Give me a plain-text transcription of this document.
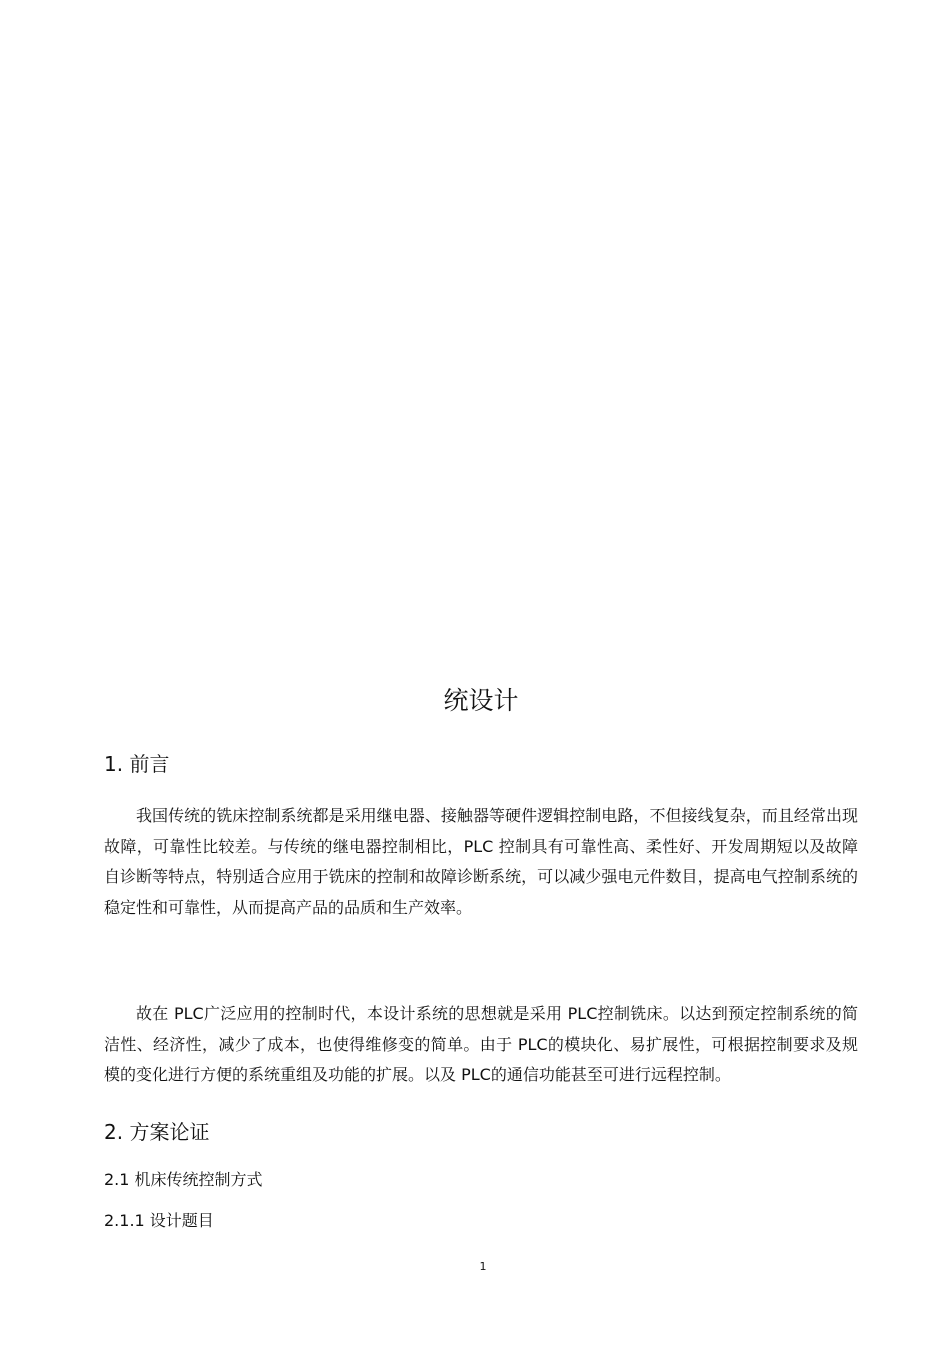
统设计
1. 前言

我国传统的铣床控制系统都是采用继电器、接触器等硬件逻辑控制电路，不但接线复杂，而且经常出现故障，可靠性比较差。与传统的继电器控制相比，PLC 控制具有可靠性高、柔性好、开发周期短以及故障自诊断等特点，特别适合应用于铣床的控制和故障诊断系统，可以减少强电元件数目，提高电气控制系统的稳定性和可靠性，从而提高产品的品质和生产效率。

故在 PLC广泛应用的控制时代，本设计系统的思想就是采用 PLC控制铣床。以达到预定控制系统的简洁性、经济性，减少了成本，也使得维修变的简单。由于 PLC的模块化、易扩展性，可根据控制要求及规模的变化进行方便的系统重组及功能的扩展。以及 PLC的通信功能甚至可进行远程控制。

2. 方案论证
2.1 机床传统控制方式
2.1.1 设计题目
1
